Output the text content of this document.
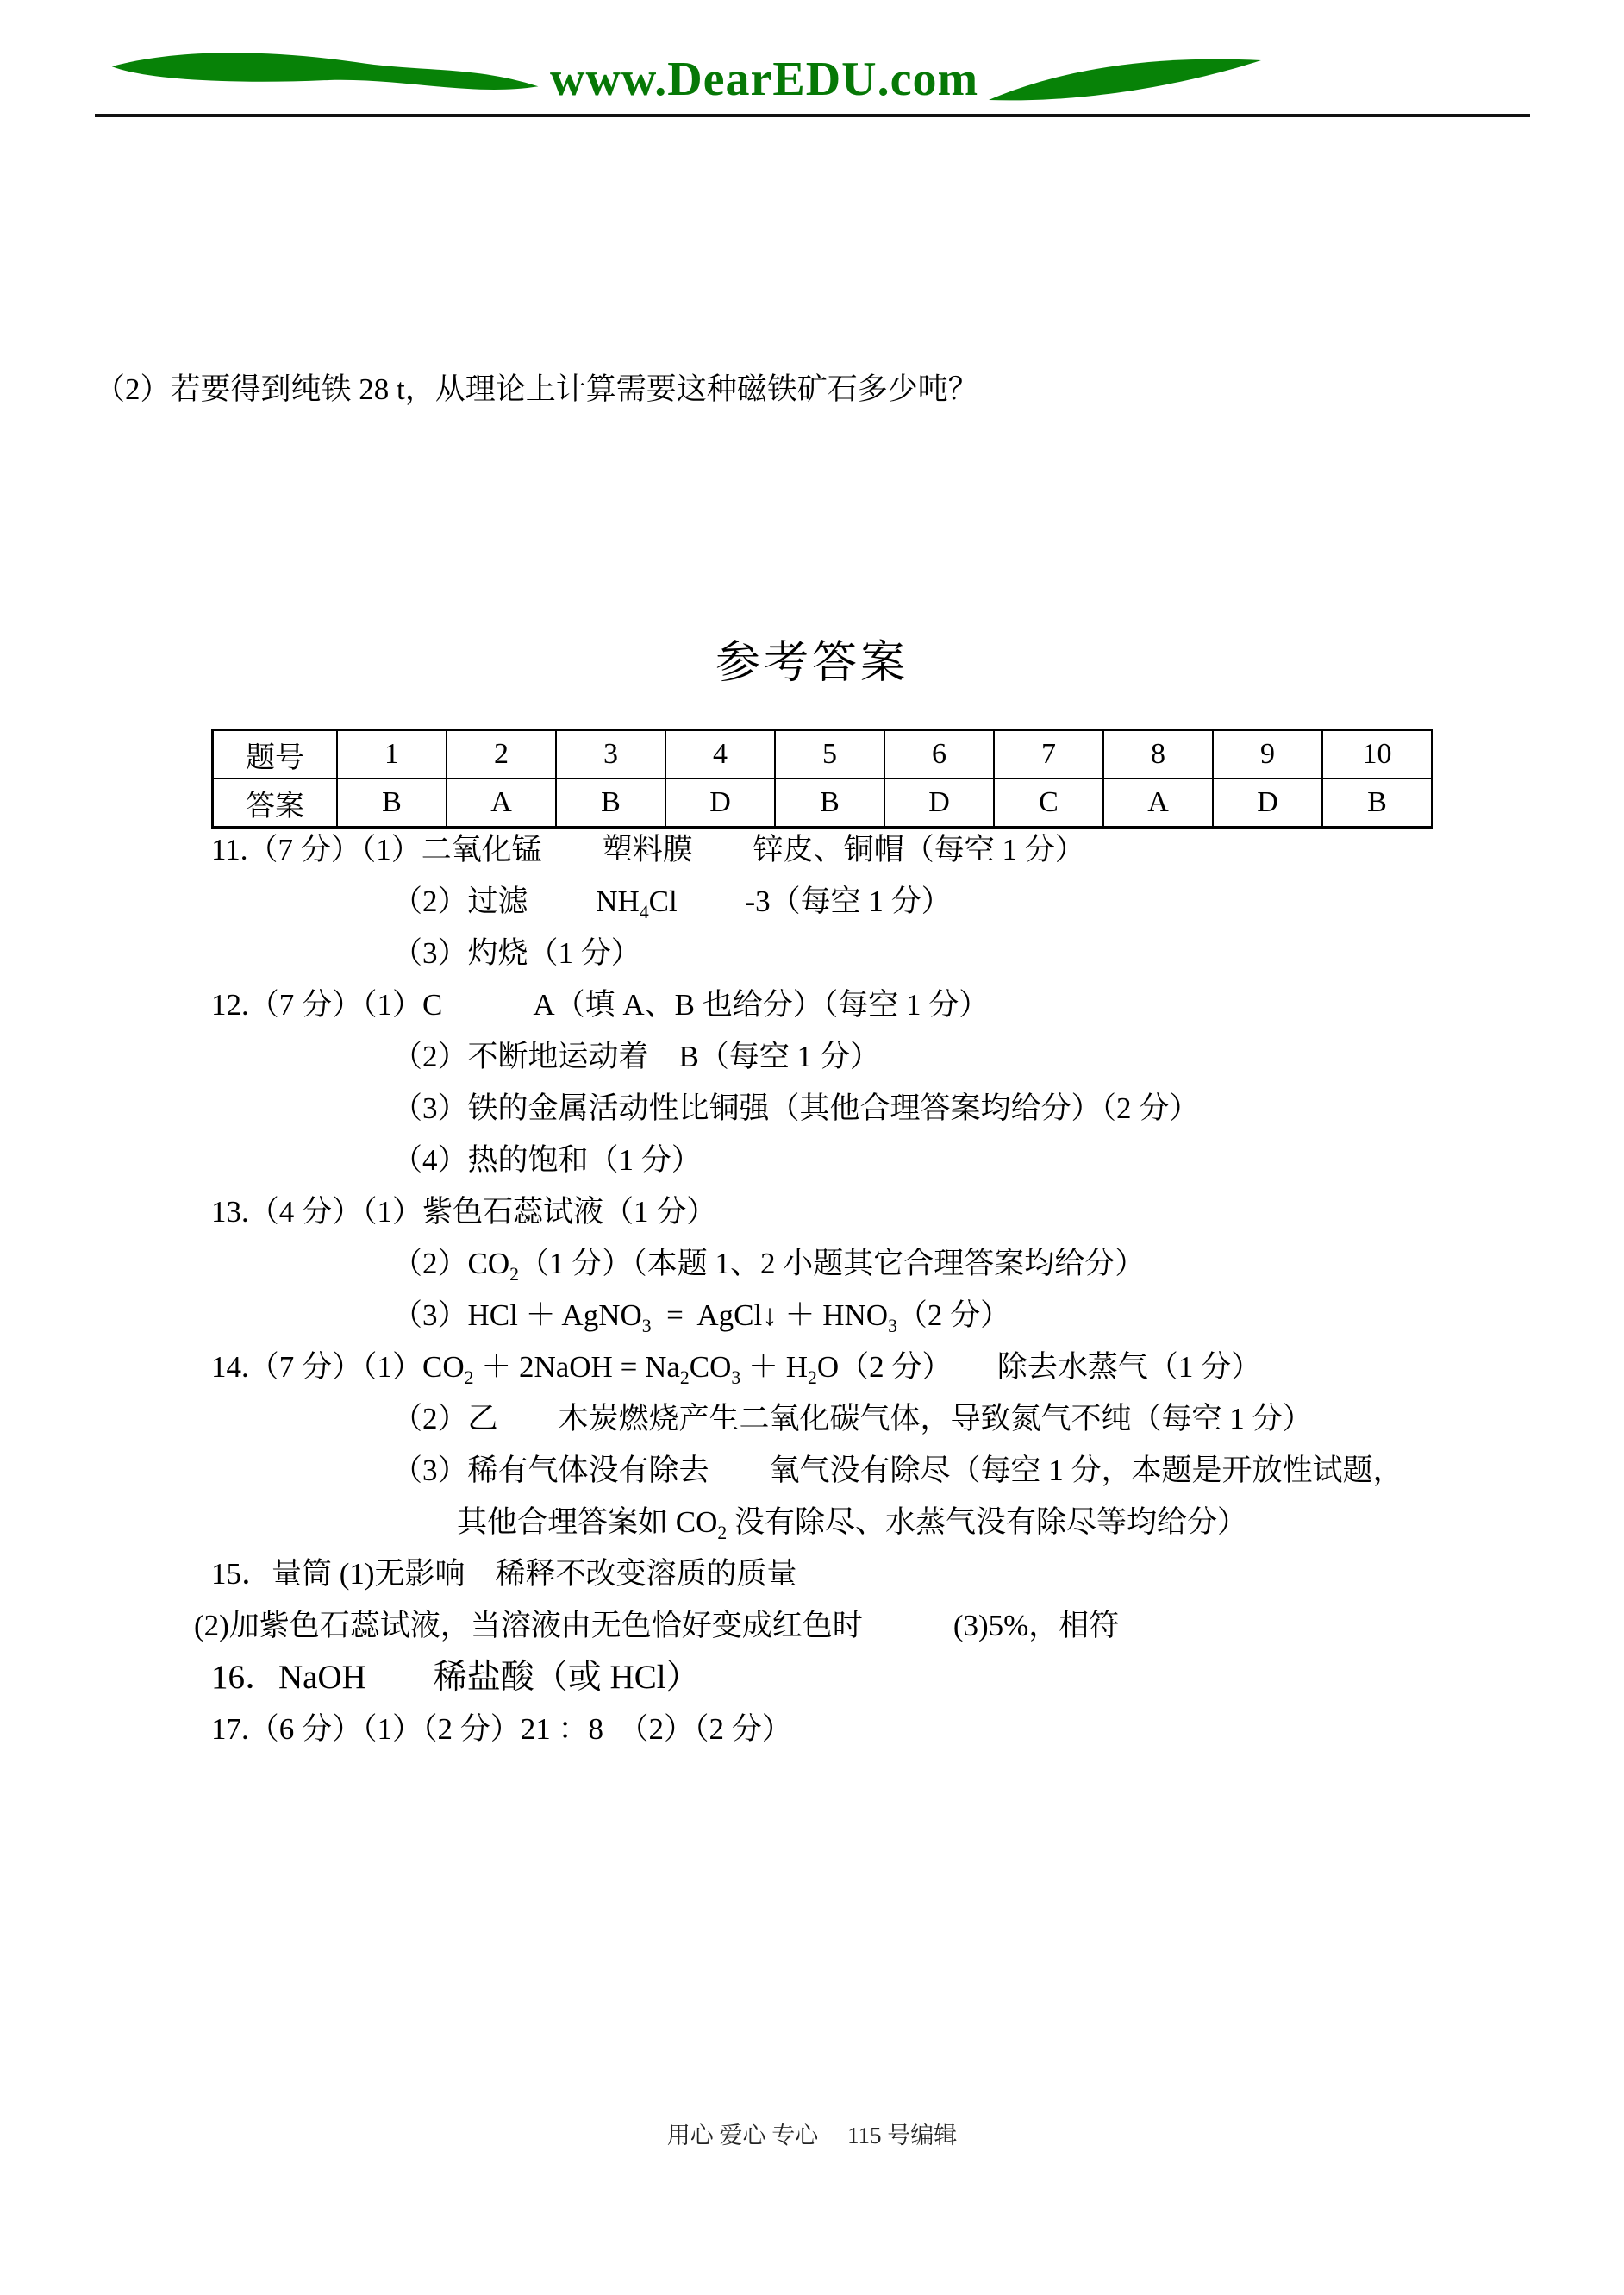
www.DearEDU.com
（2）若要得到纯铁 28 t，从理论上计算需要这种磁铁矿石多少吨？
参考答案
题号	1	2	3	4	5	6	7	8	9	10
答案	B	A	B	D	B	D	C	A	D	B
11.（7 分）（1）二氧化锰　　塑料膜　　锌皮、铜帽（每空 1 分）
（2）过滤　　 $NH_4Cl$　　 -3（每空 1 分）
（3）灼烧（1 分）
12.（7 分）（1）C　　　A（填 A、B 也给分）（每空 1 分）
（2）不断地运动着　B（每空 1 分）
（3）铁的金属活动性比铜强（其他合理答案均给分）（2 分）
（4）热的饱和（1 分）
13.（4 分）（1）紫色石蕊试液（1 分）
$(2)CO_2(1$ 分）（本题 1、2 小题其它合理答案均给分）
（3）HCl ＋ AgNO$_3$  =  AgCl↓ ＋ $HNO_3(2$ 分）
14.（7 分）$(1)CO_2$ ＋ 2NaOH = $Na_2CO_3 + H_2O(2$ 分）　　除去水蒸气（1 分）
（2）乙　　木炭燃烧产生二氧化碳气体，导致氮气不纯（每空 1 分）
（3）稀有气体没有除去　　氧气没有除尽（每空 1 分，本题是开放性试题，
其他合理答案如 $CO_2$ 没有除尽、水蒸气没有除尽等均给分）
15．量筒 (1)无影响　稀释不改变溶质的质量
(2)加紫色石蕊试液，当溶液由无色恰好变成红色时　　　(3)5%，相符
16．NaOH　　稀盐酸（或 HCl）
17.（6 分）（1）（2 分）21 ：8　（2）（2 分）
用心 爱心 专心　 115 号编辑
